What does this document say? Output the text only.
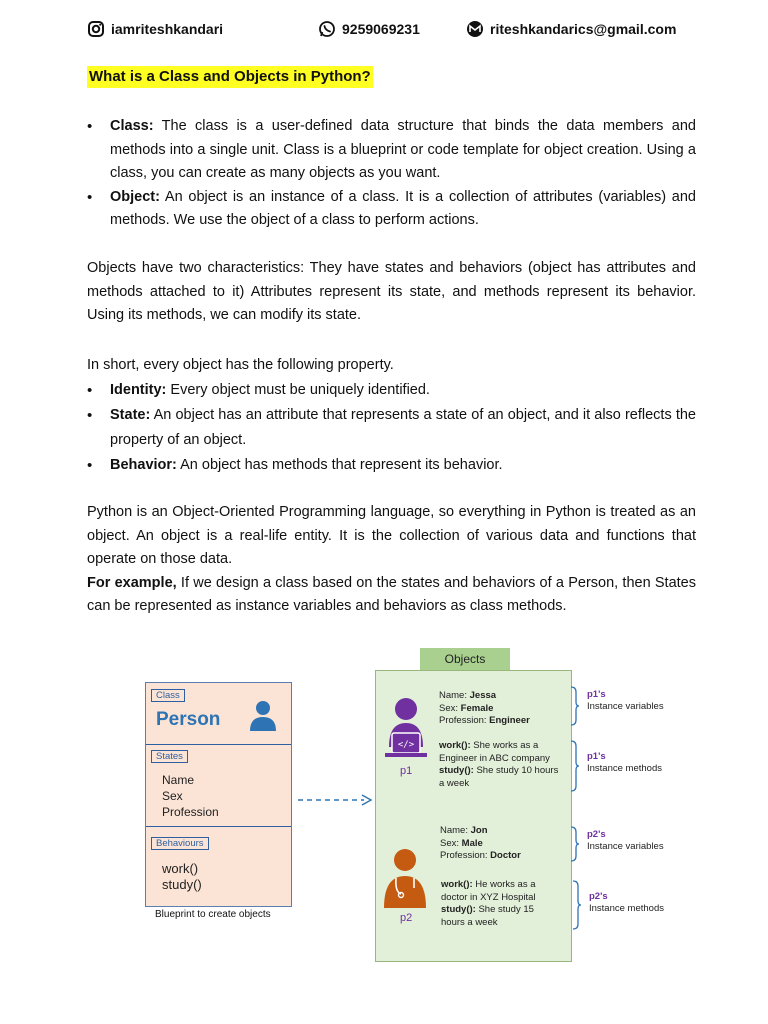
iamriteshkandari	9259069231	riteshkandarics@gmail.com
What is a Class and Objects in Python?
• Class: The class is a user-defined data structure that binds the data members and methods into a single unit. Class is a blueprint or code template for object creation. Using a class, you can create as many objects as you want.
• Object: An object is an instance of a class. It is a collection of attributes (variables) and methods. We use the object of a class to perform actions.

Objects have two characteristics: They have states and behaviors (object has attributes and methods attached to it) Attributes represent its state, and methods represent its behavior. Using its methods, we can modify its state.

In short, every object has the following property.

• Identity: Every object must be uniquely identified.
• State: An object has an attribute that represents a state of an object, and it also reflects the property of an object.
• Behavior: An object has methods that represent its behavior.

Python is an Object-Oriented Programming language, so everything in Python is treated as an object. An object is a real-life entity. It is the collection of various data and functions that operate on those data.

For example, If we design a class based on the states and behaviors of a Person, then States can be represented as instance variables and behaviors as class methods.

Class
Person
States
Name
Sex
Profession
Behaviours
work()
study()
Blueprint to create objects
Objects
</>
p1
Name: Jessa
Sex: Female
Profession: Engineer
work(): She works as a Engineer in ABC company
study(): She study 10 hours a week
p2
Name: Jon
Sex: Male
Profession: Doctor
work(): He works as a doctor in XYZ Hospital
study(): She study 15 hours a week
p1's
Instance variables
p1's
Instance methods
p2's
Instance variables
p2's
Instance methods
